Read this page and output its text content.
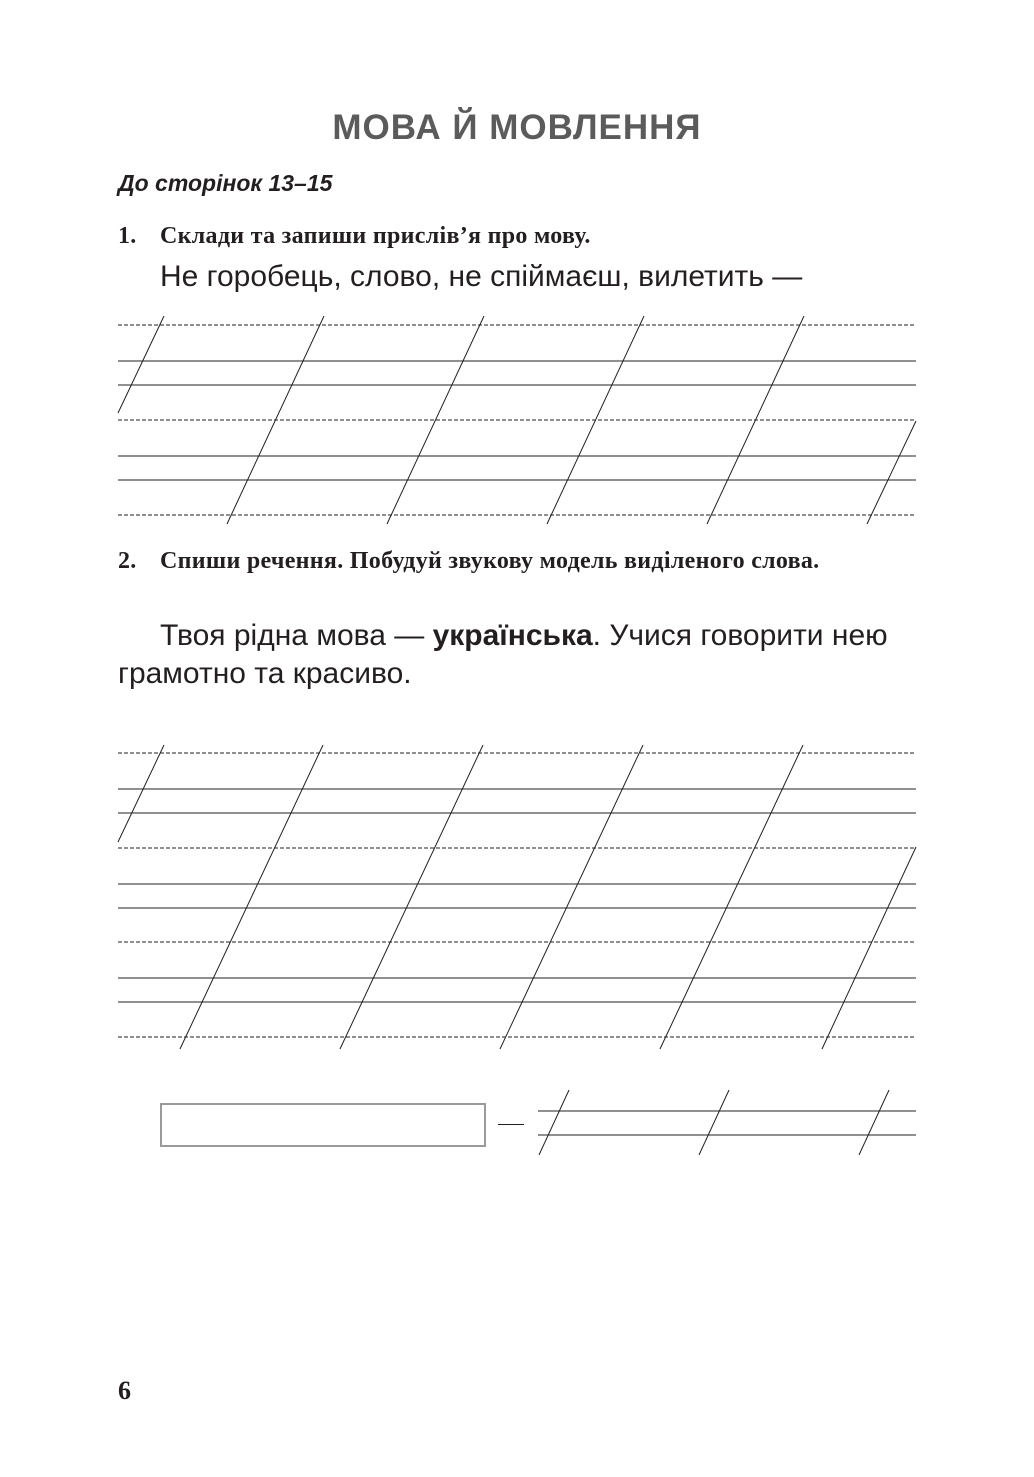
МОВА Й МОВЛЕННЯ
До сторінок 13–15
1. Склади та запиши прислів’я про мову.
Не горобець, слово, не спіймаєш, вилетить —
2. Спиши речення. Побудуй звукову модель виділеного слова.
Твоя рідна мова — українська. Учися говорити нею
грамотно та красиво.
6
